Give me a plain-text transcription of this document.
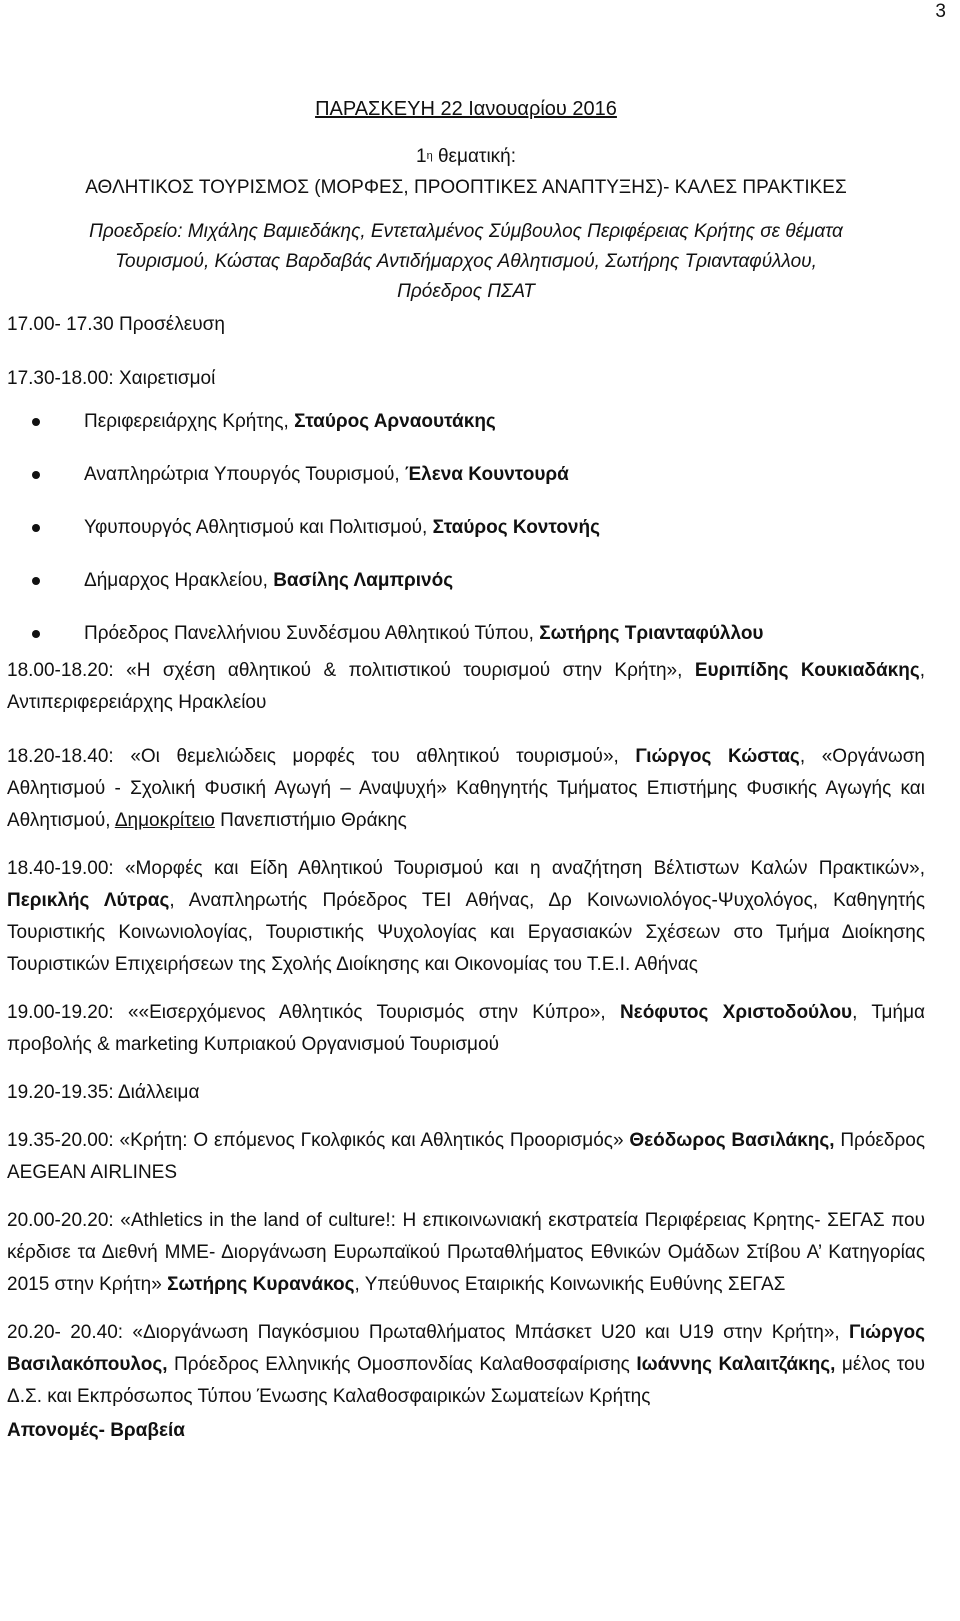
3
ΠΑΡΑΣΚΕΥΗ 22 Ιανουαρίου 2016
$1^\eta$ θεματική:
ΑΘΛΗΤΙΚΟΣ ΤΟΥΡΙΣΜΟΣ (ΜΟΡΦΕΣ, ΠΡΟΟΠΤΙΚΕΣ ΑΝΑΠΤΥΞΗΣ)- ΚΑΛΕΣ ΠΡΑΚΤΙΚΕΣ
Προεδρείο: Μιχάλης Βαμιεδάκης, Εντεταλμένος Σύμβουλος Περιφέρειας Κρήτης σε θέματα
Τουρισμού, Κώστας Βαρδαβάς Αντιδήμαρχος Αθλητισμού, Σωτήρης Τριανταφύλλου,
Πρόεδρος ΠΣΑΤ
17.00- 17.30 Προσέλευση
17.30-18.00: Χαιρετισμοί
Περιφερειάρχης Κρήτης, Σταύρος Αρναουτάκης
Αναπληρώτρια Υπουργός Τουρισμού, Έλενα Κουντουρά
Υφυπουργός Αθλητισμού και Πολιτισμού, Σταύρος Κοντονής
Δήμαρχος Ηρακλείου, Βασίλης Λαμπρινός
Πρόεδρος Πανελλήνιου Συνδέσμου Αθλητικού Τύπου, Σωτήρης Τριανταφύλλου
18.00-18.20: «Η σχέση αθλητικού & πολιτιστικού τουρισμού στην Κρήτη», Ευριπίδης Κουκιαδάκης, Αντιπεριφερειάρχης Ηρακλείου
18.20-18.40: «Οι θεμελιώδεις μορφές του αθλητικού τουρισμού», Γιώργος Κώστας, «Οργάνωση Αθλητισμού - Σχολική Φυσική Αγωγή – Αναψυχή» Καθηγητής Τμήματος Επιστήμης Φυσικής Αγωγής και Αθλητισμού, Δημοκρίτειο Πανεπιστήμιο Θράκης
18.40-19.00: «Μορφές και Είδη Αθλητικού Τουρισμού και η αναζήτηση Βέλτιστων Καλών Πρακτικών», Περικλής Λύτρας, Αναπληρωτής Πρόεδρος ΤΕΙ Αθήνας, Δρ Κοινωνιολόγος-Ψυχολόγος, Καθηγητής Τουριστικής Κοινωνιολογίας, Τουριστικής Ψυχολογίας και Εργασιακών Σχέσεων στο Τμήμα Διοίκησης Τουριστικών Επιχειρήσεων της Σχολής Διοίκησης και Οικονομίας του Τ.Ε.Ι. Αθήνας
19.00-19.20: ««Εισερχόμενος Αθλητικός Τουρισμός στην Κύπρο», Νεόφυτος Χριστοδούλου, Τμήμα προβολής & marketing Κυπριακού Οργανισμού Τουρισμού
19.20-19.35: Διάλλειμα
19.35-20.00: «Κρήτη: Ο επόμενος Γκολφικός και Αθλητικός Προορισμός» Θεόδωρος Βασιλάκης, Πρόεδρος AEGEAN AIRLINES
20.00-20.20: «Athletics in the land of culture!: Η επικοινωνιακή εκστρατεία Περιφέρειας Κρητης- ΣΕΓΑΣ που κέρδισε τα Διεθνή ΜΜΕ- Διοργάνωση Ευρωπαϊκού Πρωταθλήματος Εθνικών Ομάδων Στίβου Α’ Κατηγορίας 2015 στην Κρήτη» Σωτήρης Κυρανάκος, Υπεύθυνος Εταιρικής Κοινωνικής Ευθύνης ΣΕΓΑΣ
20.20- 20.40: «Διοργάνωση Παγκόσμιου Πρωταθλήματος Μπάσκετ U20 και U19 στην Κρήτη», Γιώργος Βασιλακόπουλος, Πρόεδρος Ελληνικής Ομοσπονδίας Καλαθοσφαίρισης Ιωάννης Καλαιτζάκης, μέλος του Δ.Σ. και Εκπρόσωπος Τύπου Ένωσης Καλαθοσφαιρικών Σωματείων Κρήτης
Απονομές- Βραβεία
